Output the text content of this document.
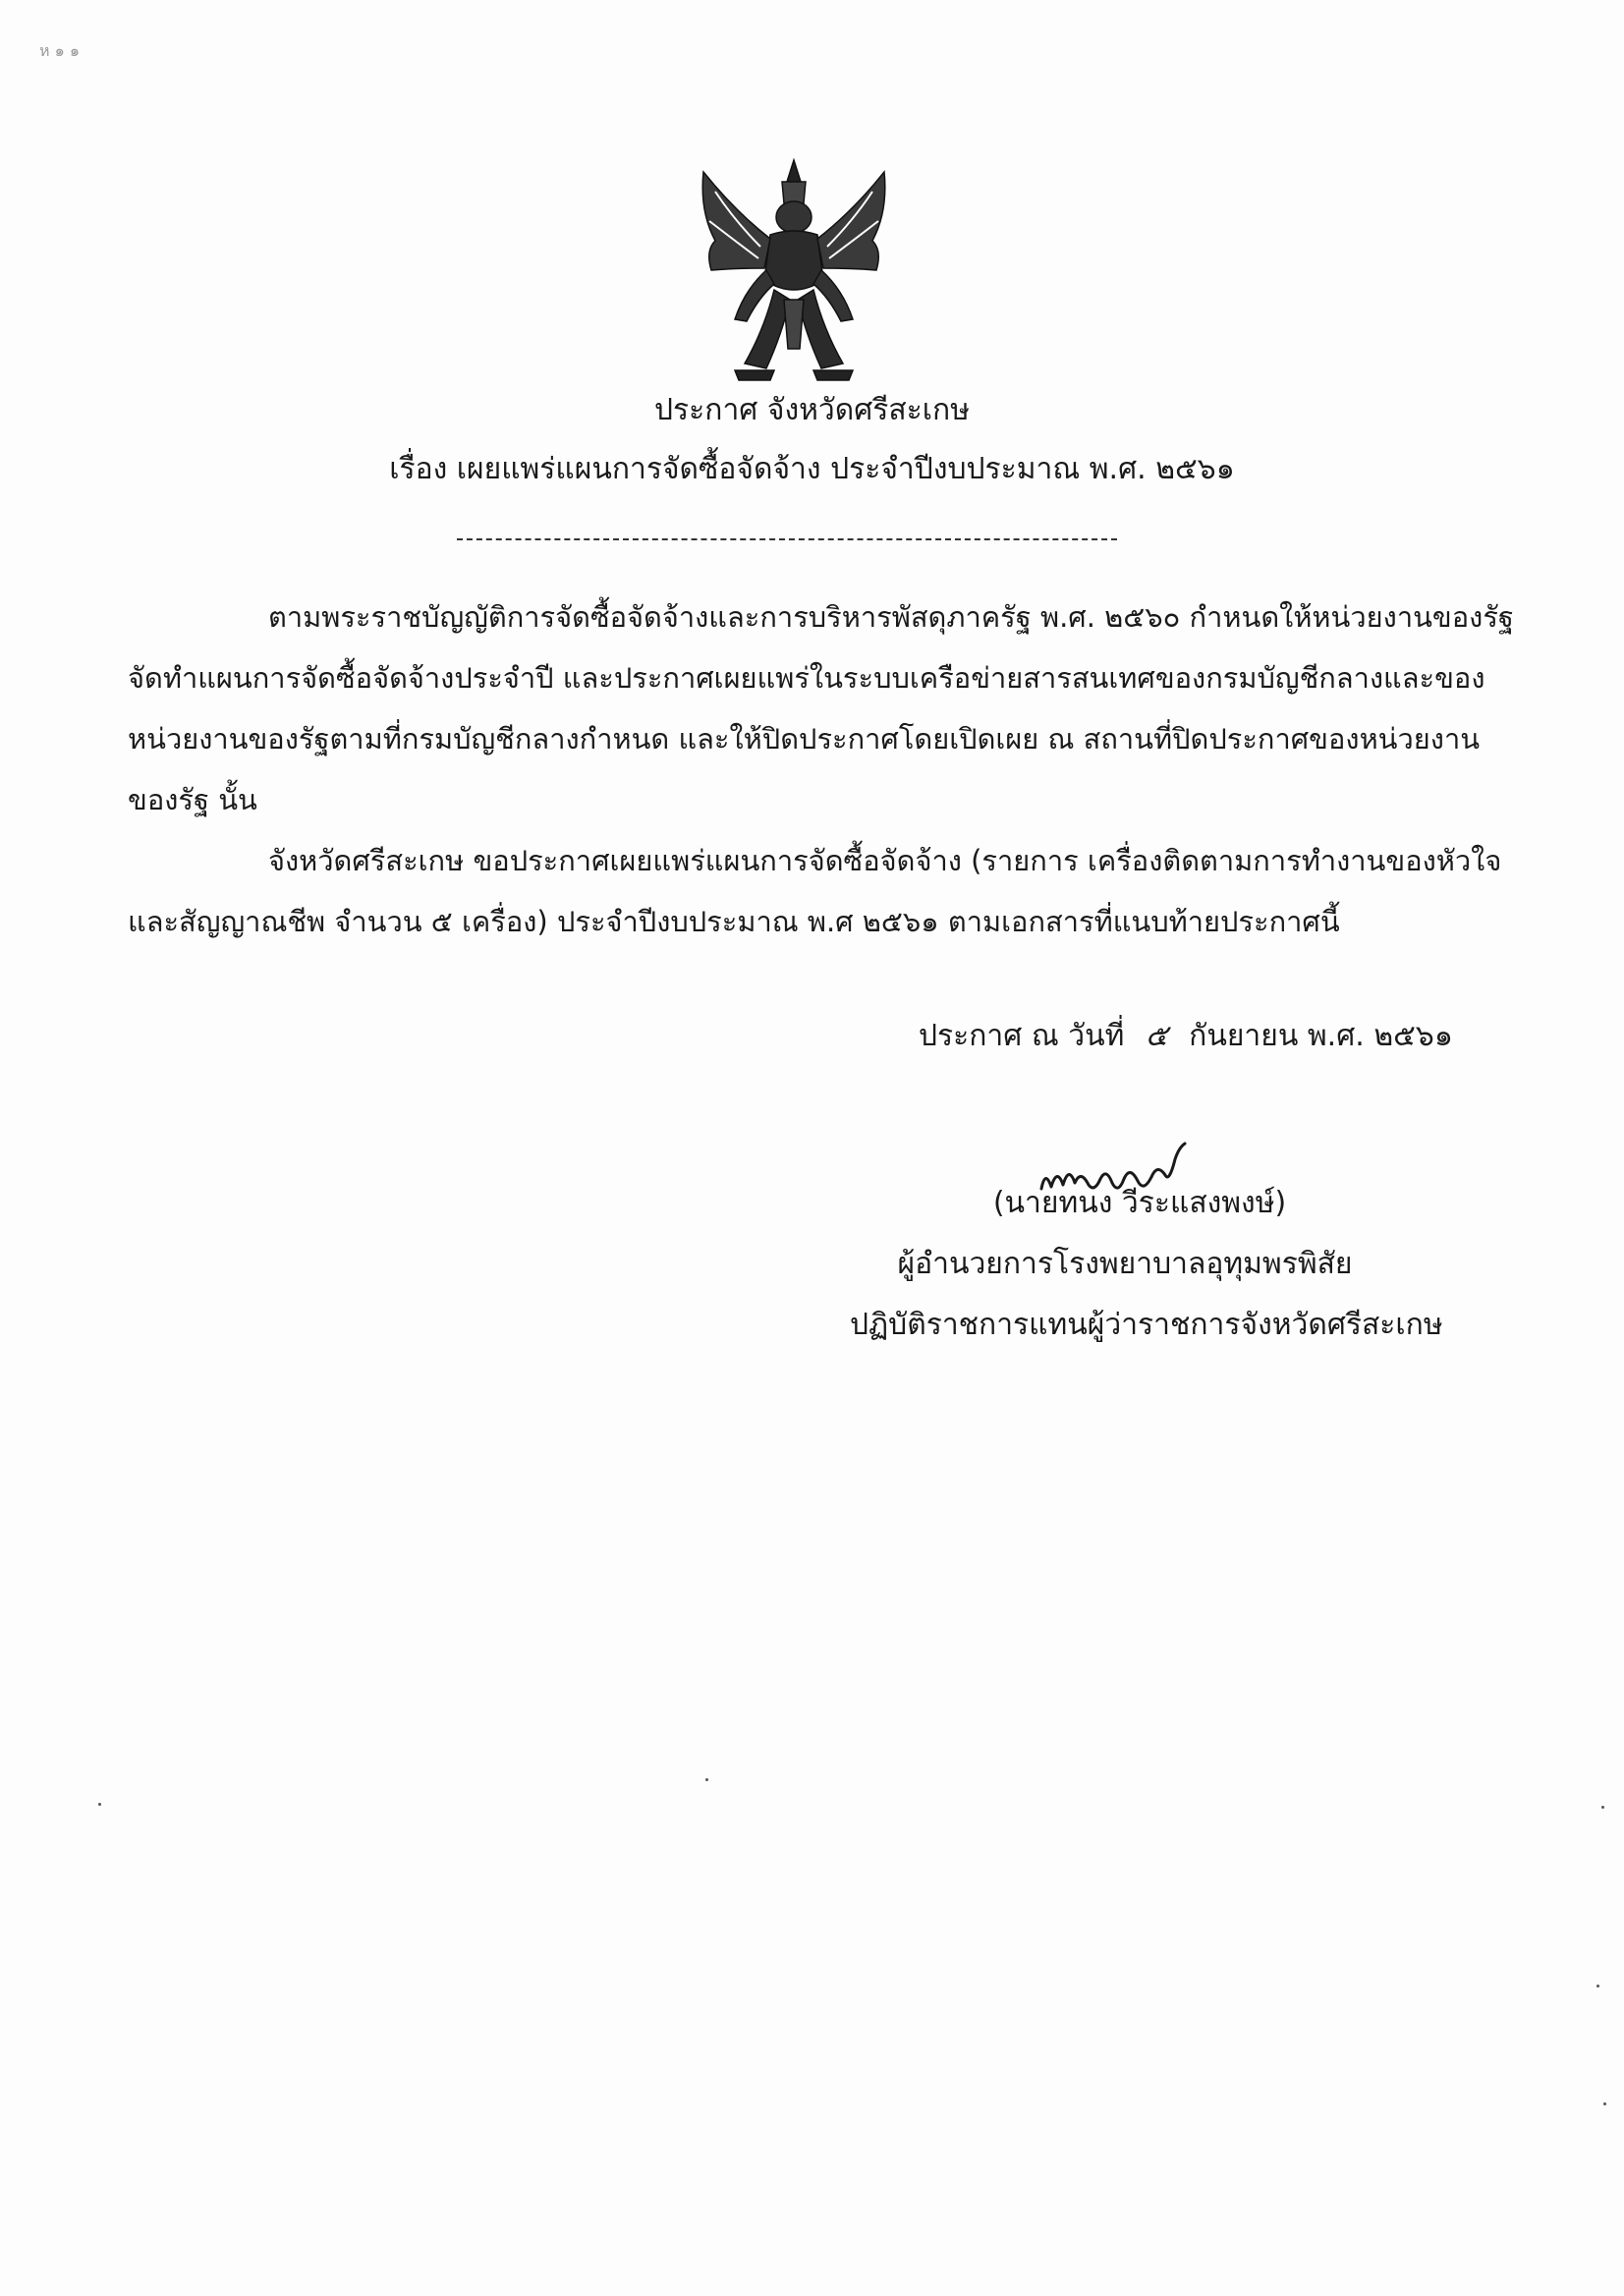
ห ๑ ๑
ประกาศ จังหวัดศรีสะเกษ
เรื่อง เผยแพร่แผนการจัดซื้อจัดจ้าง ประจำปีงบประมาณ พ.ศ. ๒๕๖๑
ตามพระราชบัญญัติการจัดซื้อจัดจ้างและการบริหารพัสดุภาครัฐ พ.ศ. ๒๕๖๐ กำหนดให้หน่วยงานของรัฐ
จัดทำแผนการจัดซื้อจัดจ้างประจำปี และประกาศเผยแพร่ในระบบเครือข่ายสารสนเทศของกรมบัญชีกลางและของ
หน่วยงานของรัฐตามที่กรมบัญชีกลางกำหนด และให้ปิดประกาศโดยเปิดเผย ณ สถานที่ปิดประกาศของหน่วยงาน
ของรัฐ นั้น
จังหวัดศรีสะเกษ ขอประกาศเผยแพร่แผนการจัดซื้อจัดจ้าง (รายการ เครื่องติดตามการทำงานของหัวใจ
และสัญญาณชีพ จำนวน ๕ เครื่อง) ประจำปีงบประมาณ พ.ศ ๒๕๖๑ ตามเอกสารที่แนบท้ายประกาศนี้
ประกาศ ณ วันที่ ๕ กันยายน พ.ศ. ๒๕๖๑
(นายทนง วีระแสงพงษ์)
ผู้อำนวยการโรงพยาบาลอุทุมพรพิสัย
ปฏิบัติราชการแทนผู้ว่าราชการจังหวัดศรีสะเกษ
